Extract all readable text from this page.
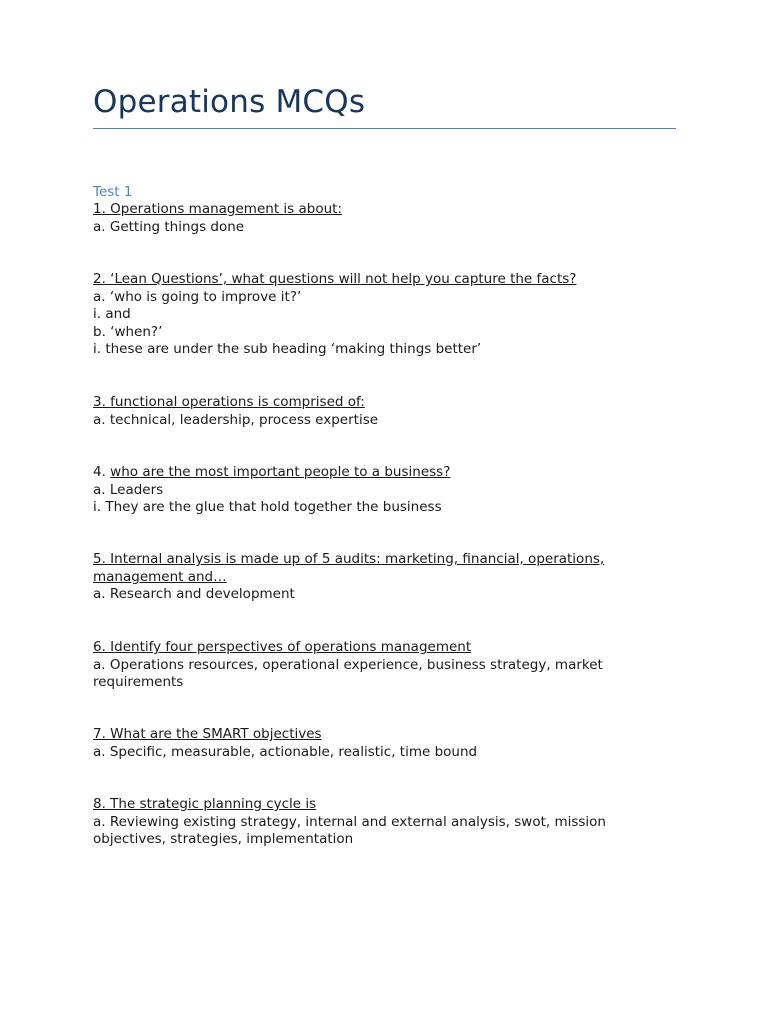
Operations MCQs
Test 1
1. Operations management is about:
a. Getting things done
2. ‘Lean Questions’, what questions will not help you capture the facts?
a. ‘who is going to improve it?’
i. and
b. ‘when?’
i. these are under the sub heading ‘making things better’
3. functional operations is comprised of:
a. technical, leadership, process expertise
4. who are the most important people to a business?
a. Leaders
i. They are the glue that hold together the business
5. Internal analysis is made up of 5 audits: marketing, financial, operations,
management and…
a. Research and development
6. Identify four perspectives of operations management
a. Operations resources, operational experience, business strategy, market
requirements
7. What are the SMART objectives
a. Specific, measurable, actionable, realistic, time bound
8. The strategic planning cycle is
a. Reviewing existing strategy, internal and external analysis, swot, mission
objectives, strategies, implementation
